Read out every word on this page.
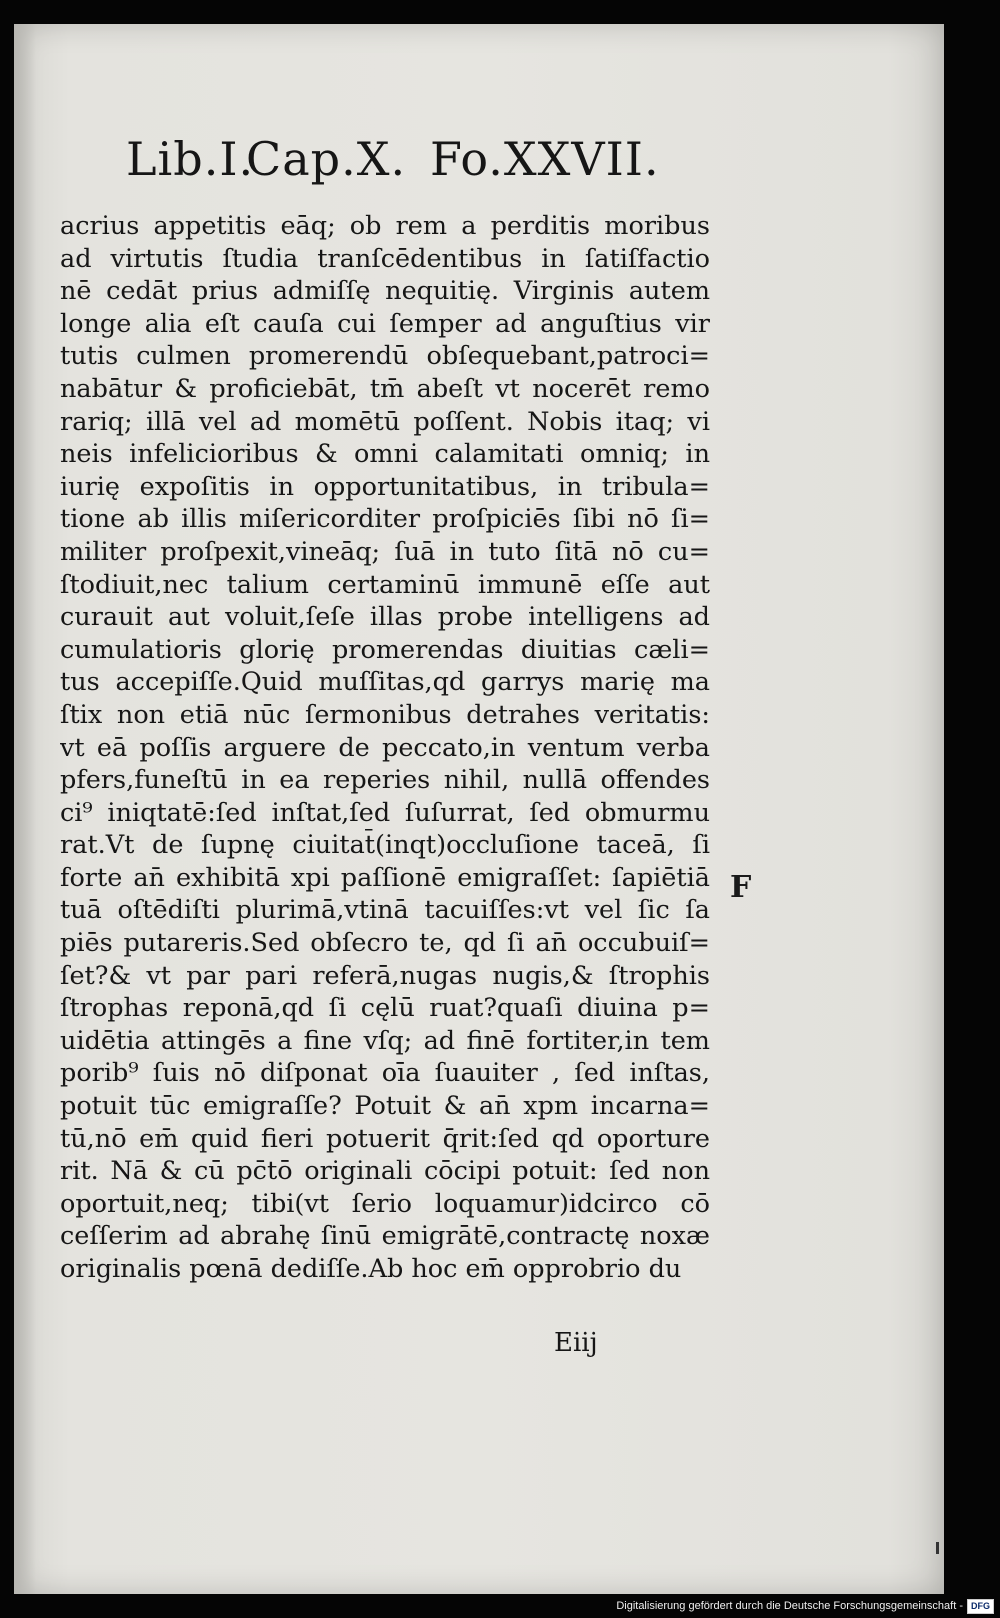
Lib.I.
Cap.X. Fo.XXVII.
acrius appetitis eāq; ob rem a perditis moribus
ad virtutis ſtudia tranſcēdentibus in ſatiſfactio
nē cedāt prius admiſſę nequitię. Virginis autem
longe alia eſt cauſa cui ſemper ad anguſtius vir
tutis culmen promerendū obſequebant,patroci=
nabātur & proficiebāt, tm̄ abeſt vt nocerēt remo
rariq; illā vel ad momētū poſſent. Nobis itaq; vi
neis infelicioribus & omni calamitati omniq; in
iurię expoſitis in opportunitatibus, in tribula=
tione ab illis miſericorditer proſpiciēs ſibi nō ſi=
militer proſpexit,vineāq; ſuā in tuto ſitā nō cu=
ſtodiuit,nec talium certaminū immunē eſſe aut
curauit aut voluit,ſeſe illas probe intelligens ad
cumulatioris glorię promerendas diuitias cæli=
tus accepiſſe.Quid muſſitas,qd garrys marię ma
ſtix non etiā nūc ſermonibus detrahes veritatis:
vt eā poſſis arguere de peccato,in ventum verba
pfers,funeſtū in ea reperies nihil, nullā offendes
ci⁹ iniqtatē:ſed inſtat,ſed ſuſurrat, ſed obmurmu
rat.Vt de ſupnę ciuitat̄(inqt)occluſione taceā, ſi
forte an̄ exhibitā xpi paſſionē emigraſſet: ſapiētiā
tuā oſtēdiſti plurimā,vtinā tacuiſſes:vt vel ſic ſa
piēs putareris.Sed obſecro te, qd ſi an̄ occubuiſ=
ſet?& vt par pari referā,nugas nugis,& ſtrophis
ſtrophas reponā,qd ſi cęlū ruat?quaſi diuina p=
uidētia attingēs a fine vſq; ad finē fortiter,in tem
porib⁹ ſuis nō diſponat oīa ſuauiter , ſed inſtas,
potuit tūc emigraſſe? Potuit & an̄ xpm incarna=
tū,nō em̄ quid fieri potuerit q̄rit:ſed qd oporture
rit. Nā & cū pc̄tō originali cōcipi potuit: ſed non
oportuit,neq; tibi(vt ſerio loquamur)idcirco cō
ceſſerim ad abrahę ſinū emigrātē,contractę noxæ
originalis pœnā dediſſe.Ab hoc em̄ opprobrio du
Eiij
F
Digitalisierung gefördert durch die Deutsche Forschungsgemeinschaft - DFG
